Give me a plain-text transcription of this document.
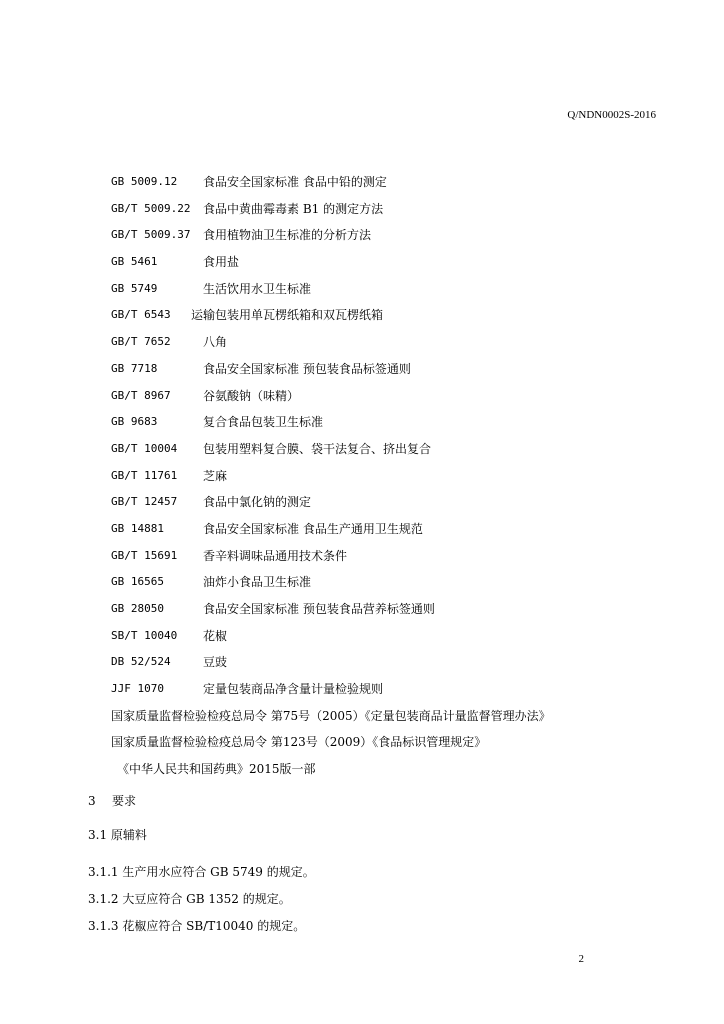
Q/NDN0002S-2016
GB 5009.12	食品安全国家标准 食品中铅的测定
GB/T 5009.22	食品中黄曲霉毒素 B1 的测定方法
GB/T 5009.37	食用植物油卫生标准的分析方法
GB 5461	食用盐
GB 5749	生活饮用水卫生标准
GB/T 6543	运输包装用单瓦楞纸箱和双瓦楞纸箱
GB/T 7652	八角
GB 7718	食品安全国家标准 预包装食品标签通则
GB/T 8967	谷氨酸钠（味精）
GB 9683	复合食品包装卫生标准
GB/T 10004	包装用塑料复合膜、袋干法复合、挤出复合
GB/T 11761	芝麻
GB/T 12457	食品中氯化钠的测定
GB 14881	食品安全国家标准 食品生产通用卫生规范
GB/T 15691	香辛料调味品通用技术条件
GB 16565	油炸小食品卫生标准
GB 28050	食品安全国家标准 预包装食品营养标签通则
SB/T 10040	花椒
DB 52/524	豆豉
JJF 1070	定量包装商品净含量计量检验规则
国家质量监督检验检疫总局令 第75号（2005）《定量包装商品计量监督管理办法》
国家质量监督检验检疫总局令 第123号（2009）《食品标识管理规定》
《中华人民共和国药典》2015版一部
3 要求
3.1 原辅料
3.1.1 生产用水应符合 GB 5749 的规定。
3.1.2 大豆应符合 GB 1352 的规定。
3.1.3 花椒应符合 SB/T10040 的规定。
2
